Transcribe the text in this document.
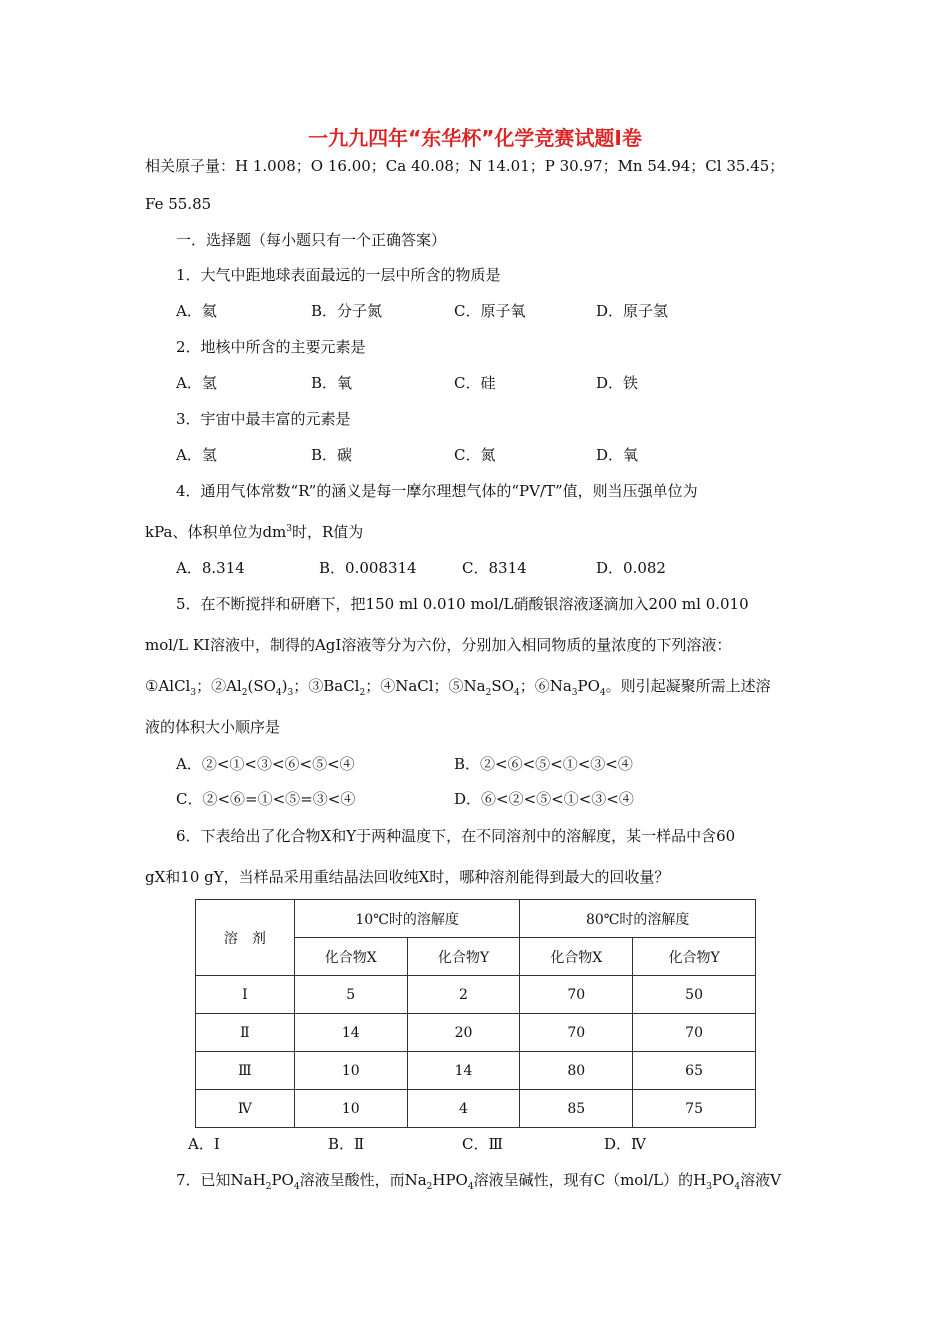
一九九四年“东华杯”化学竞赛试题Ⅰ卷
相关原子量：H 1.008；O 16.00；Ca 40.08；N 14.01；P 30.97；Mn 54.94；Cl 35.45；
Fe 55.85
一．选择题（每小题只有一个正确答案）
1．大气中距地球表面最远的一层中所含的物质是
A．氦	B．分子氮	C．原子氧	D．原子氢
2．地核中所含的主要元素是
A．氢	B．氧	C．硅	D．铁
3．宇宙中最丰富的元素是
A．氢	B．碳	C．氮	D．氧
4．通用气体常数“R”的涵义是每一摩尔理想气体的“PV/T”值，则当压强单位为
kPa、体积单位为$dm^3$时，R值为
A．8.314	B．0.008314	C．8314	D．0.082
5．在不断搅拌和研磨下，把150 ml 0.010 mol/L硝酸银溶液逐滴加入200 ml 0.010
mol/L KI溶液中，制得的AgI溶液等分为六份，分别加入相同物质的量浓度的下列溶液：
①AlCl$_3$；$②Al_2(SO_4)_3$；③BaCl$_2$；④NaCl；$⑤Na_2SO_4$；$⑥Na_3PO_4$。则引起凝聚所需上述溶
液的体积大小顺序是
A．②<①<③<⑥<⑤<④	B．②<⑥<⑤<①<③<④
C．②<⑥=①<⑤=③<④	D．⑥<②<⑤<①<③<④
6．下表给出了化合物X和Y于两种温度下，在不同溶剂中的溶解度，某一样品中含60
gX和10 gY，当样品采用重结晶法回收纯X时，哪种溶剂能得到最大的回收量？
溶　剂	10℃时的溶解度		80℃时的溶解度	
	化合物X	化合物Y	化合物X	化合物Y
Ⅰ	5	2	70	50
Ⅱ	14	20	70	70
Ⅲ	10	14	80	65
Ⅳ	10	4	85	75
A．Ⅰ	B．Ⅱ	C．Ⅲ	D．Ⅳ
7．已知$NaH_2PO_4$溶液呈酸性，而$Na_2HPO_4$溶液呈碱性，现有C（mol/L）的$H_3PO_4$溶液V
